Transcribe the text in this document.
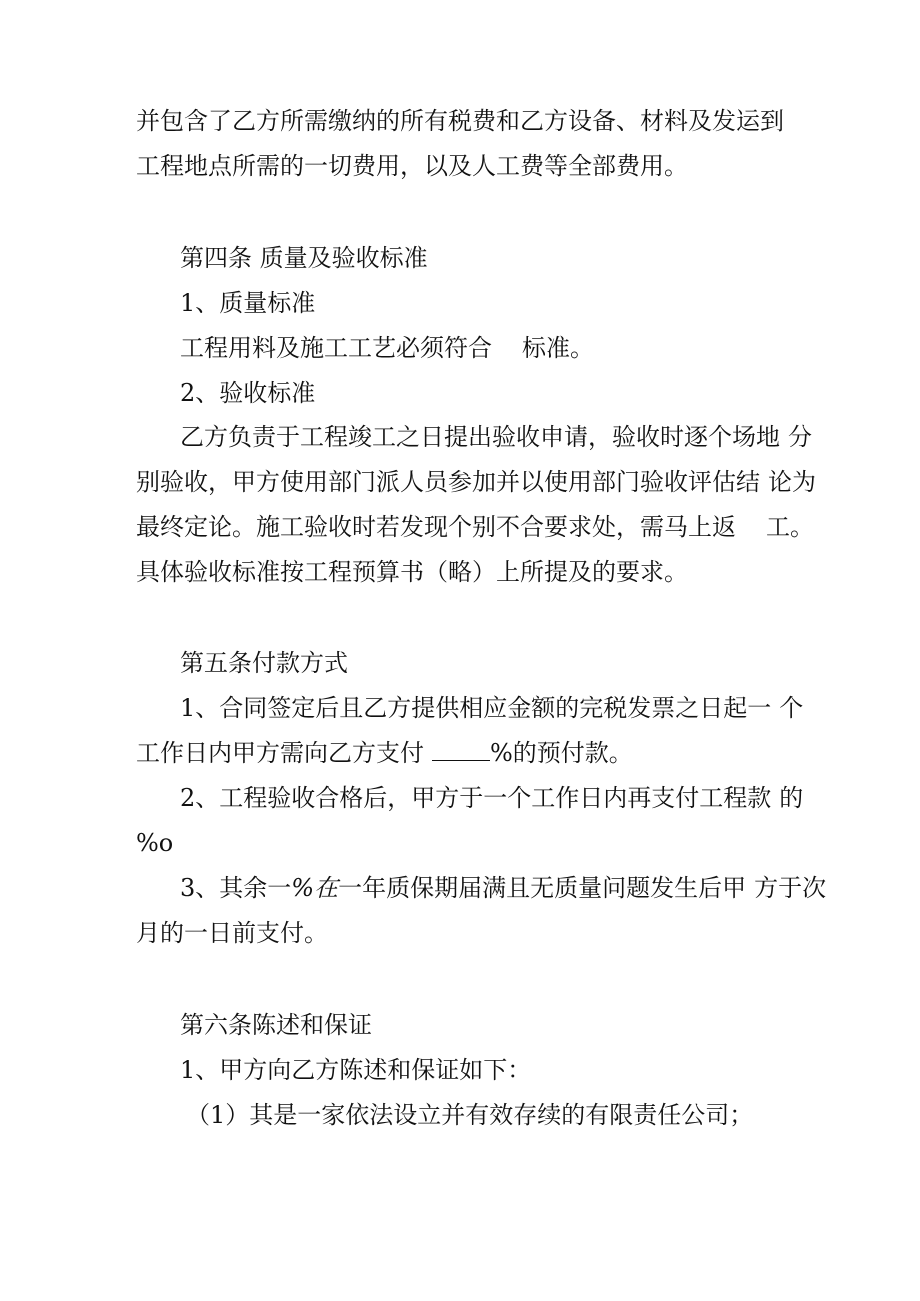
并包含了乙方所需缴纳的所有税费和乙方设备、材料及发运到
工程地点所需的一切费用，以及人工费等全部费用。
第四条 质量及验收标准
1、质量标准
工程用料及施工工艺必须符合 标准。
2、验收标准
乙方负责于工程竣工之日提出验收申请，验收时逐个场地 分
别验收，甲方使用部门派人员参加并以使用部门验收评估结 论为
最终定论。施工验收时若发现个别不合要求处，需马上返 工。
具体验收标准按工程预算书（略）上所提及的要求。
第五条付款方式
1、合同签定后且乙方提供相应金额的完税发票之日起一 个
工作日内甲方需向乙方支付	%的预付款。
2、工程验收合格后，甲方于一个工作日内再支付工程款 的
%o
3、其余一%在一年质保期届满且无质量问题发生后甲 方于次
月的一日前支付。
第六条陈述和保证
1、甲方向乙方陈述和保证如下：
（1）其是一家依法设立并有效存续的有限责任公司；
